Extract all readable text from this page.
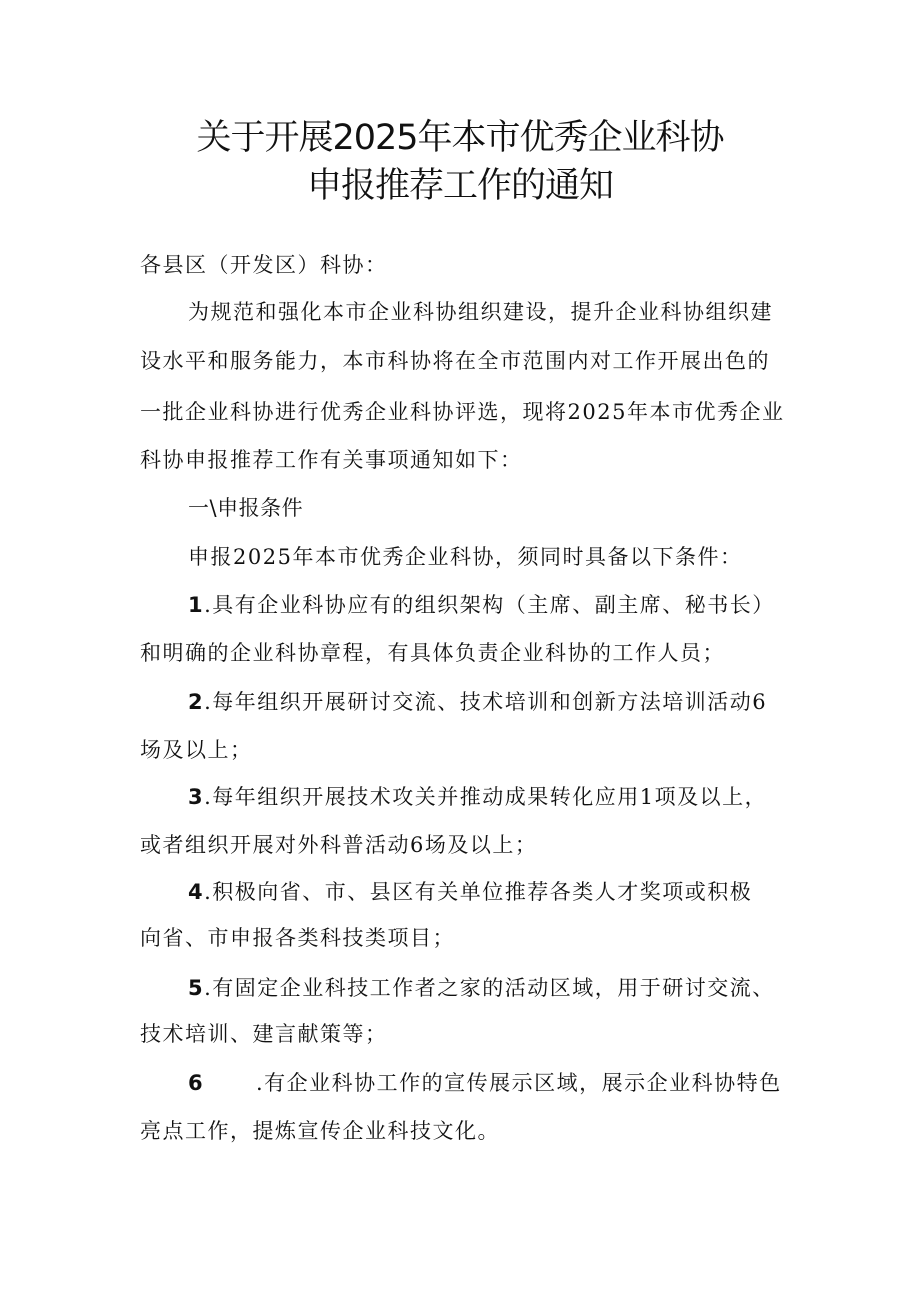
关于开展2025年本市优秀企业科协
申报推荐工作的通知
各县区（开发区）科协：
为规范和强化本市企业科协组织建设，提升企业科协组织建
设水平和服务能力，本市科协将在全市范围内对工作开展出色的
一批企业科协进行优秀企业科协评选，现将2025年本市优秀企业
科协申报推荐工作有关事项通知如下：
一\申报条件
申报2025年本市优秀企业科协，须同时具备以下条件：
1.具有企业科协应有的组织架构（主席、副主席、秘书长）
和明确的企业科协章程，有具体负责企业科协的工作人员；
2.每年组织开展研讨交流、技术培训和创新方法培训活动6
场及以上；
3.每年组织开展技术攻关并推动成果转化应用1项及以上，
或者组织开展对外科普活动6场及以上；
4.积极向省、市、县区有关单位推荐各类人才奖项或积极
向省、市申报各类科技类项目；
5.有固定企业科技工作者之家的活动区域，用于研讨交流、
技术培训、建言献策等；
6 .有企业科协工作的宣传展示区域，展示企业科协特色
亮点工作，提炼宣传企业科技文化。
